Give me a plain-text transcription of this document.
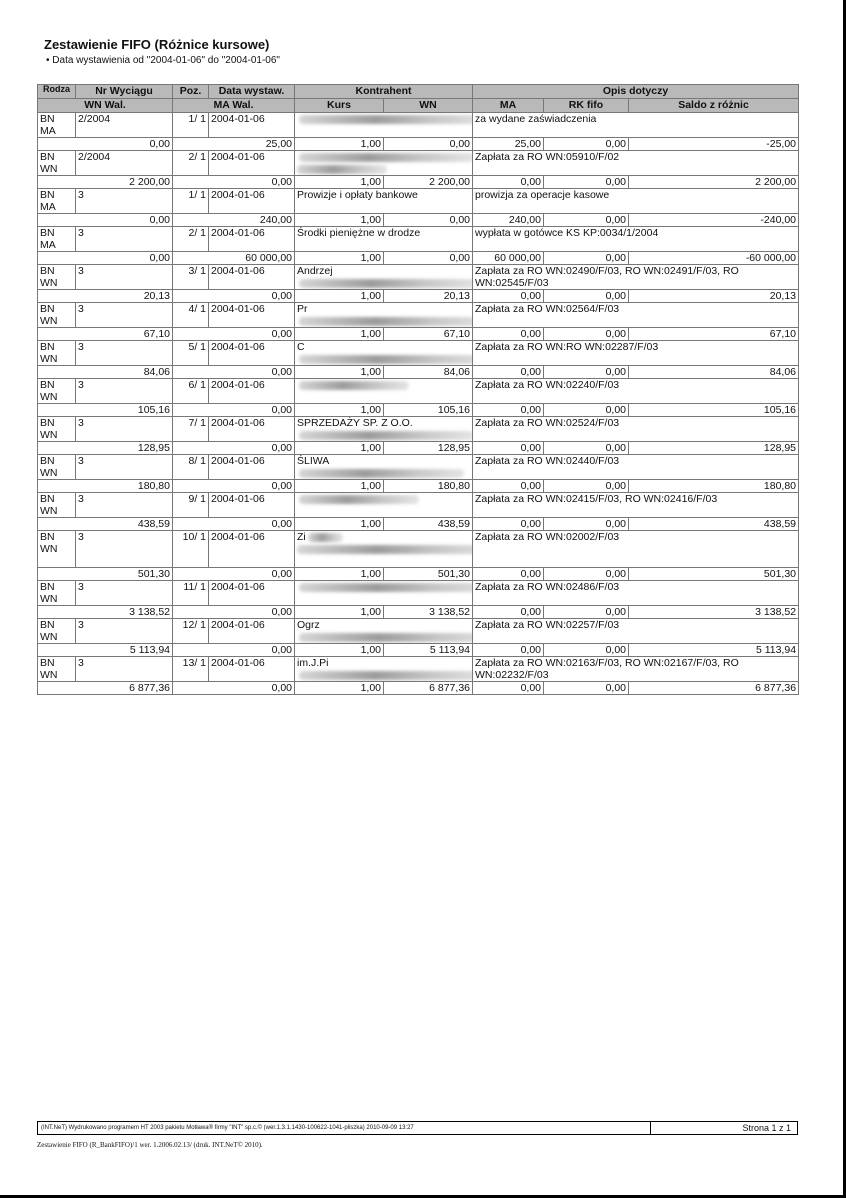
Zestawienie FIFO (Różnice kursowe)
• Data wystawienia od "2004-01-06" do "2004-01-06"
Rodza	Nr Wyciągu	Poz.	Data wystaw.	Kontrahent		Opis dotyczy		
WN Wal.		MA Wal.		Kurs	WN	MA	RK fifo	Saldo z różnic
BN MA	2/2004	1/ 1	2004-01-06			za wydane zaświadczenia		
0,00		25,00		1,00	0,00	25,00	0,00	-25,00
BN WN	2/2004	2/ 1	2004-01-06			Zapłata za RO WN:05910/F/02		
2 200,00		0,00		1,00	2 200,00	0,00	0,00	2 200,00
BN MA	3	1/ 1	2004-01-06	Prowizje i opłaty bankowe		prowizja za operacje kasowe		
0,00		240,00		1,00	0,00	240,00	0,00	-240,00
BN MA	3	2/ 1	2004-01-06	Środki pieniężne w drodze		wypłata w gotówce KS KP:0034/1/2004		
0,00		60 000,00		1,00	0,00	60 000,00	0,00	-60 000,00
BN WN	3	3/ 1	2004-01-06	Andrzej		Zapłata za RO WN:02490/F/03, RO WN:02491/F/03, RO WN:02545/F/03		
20,13		0,00		1,00	20,13	0,00	0,00	20,13
BN WN	3	4/ 1	2004-01-06	Pr		Zapłata za RO WN:02564/F/03		
67,10		0,00		1,00	67,10	0,00	0,00	67,10
BN WN	3	5/ 1	2004-01-06	C		Zapłata za RO WN:RO WN:02287/F/03		
84,06		0,00		1,00	84,06	0,00	0,00	84,06
BN WN	3	6/ 1	2004-01-06			Zapłata za RO WN:02240/F/03		
105,16		0,00		1,00	105,16	0,00	0,00	105,16
BN WN	3	7/ 1	2004-01-06	SPRZEDAŻY SP. Z O.O.		Zapłata za RO WN:02524/F/03		
128,95		0,00		1,00	128,95	0,00	0,00	128,95
BN WN	3	8/ 1	2004-01-06	ŚLIWA		Zapłata za RO WN:02440/F/03		
180,80		0,00		1,00	180,80	0,00	0,00	180,80
BN WN	3	9/ 1	2004-01-06			Zapłata za RO WN:02415/F/03, RO WN:02416/F/03		
438,59		0,00		1,00	438,59	0,00	0,00	438,59
BN WN	3	10/ 1	2004-01-06	Zi		Zapłata za RO WN:02002/F/03		
501,30		0,00		1,00	501,30	0,00	0,00	501,30
BN WN	3	11/ 1	2004-01-06			Zapłata za RO WN:02486/F/03		
3 138,52		0,00		1,00	3 138,52	0,00	0,00	3 138,52
BN WN	3	12/ 1	2004-01-06	Ogrz		Zapłata za RO WN:02257/F/03		
5 113,94		0,00		1,00	5 113,94	0,00	0,00	5 113,94
BN WN	3	13/ 1	2004-01-06	im.J.Pi		Zapłata za RO WN:02163/F/03, RO WN:02167/F/03, RO WN:02232/F/03		
6 877,36		0,00		1,00	6 877,36	0,00	0,00	6 877,36
(INT.NeT) Wydrukowano programem HT 2003 pakietu Motława® firmy "INT" sp.c.© (wer.1.3.1.1430-100622-1041-pliszka) 2010-09-09 13:27	Strona 1 z 1
Zestawienie FIFO (R_BankFIFO)/1 wer. 1.2006.02.13/ (druk. INT.NeT© 2010).
